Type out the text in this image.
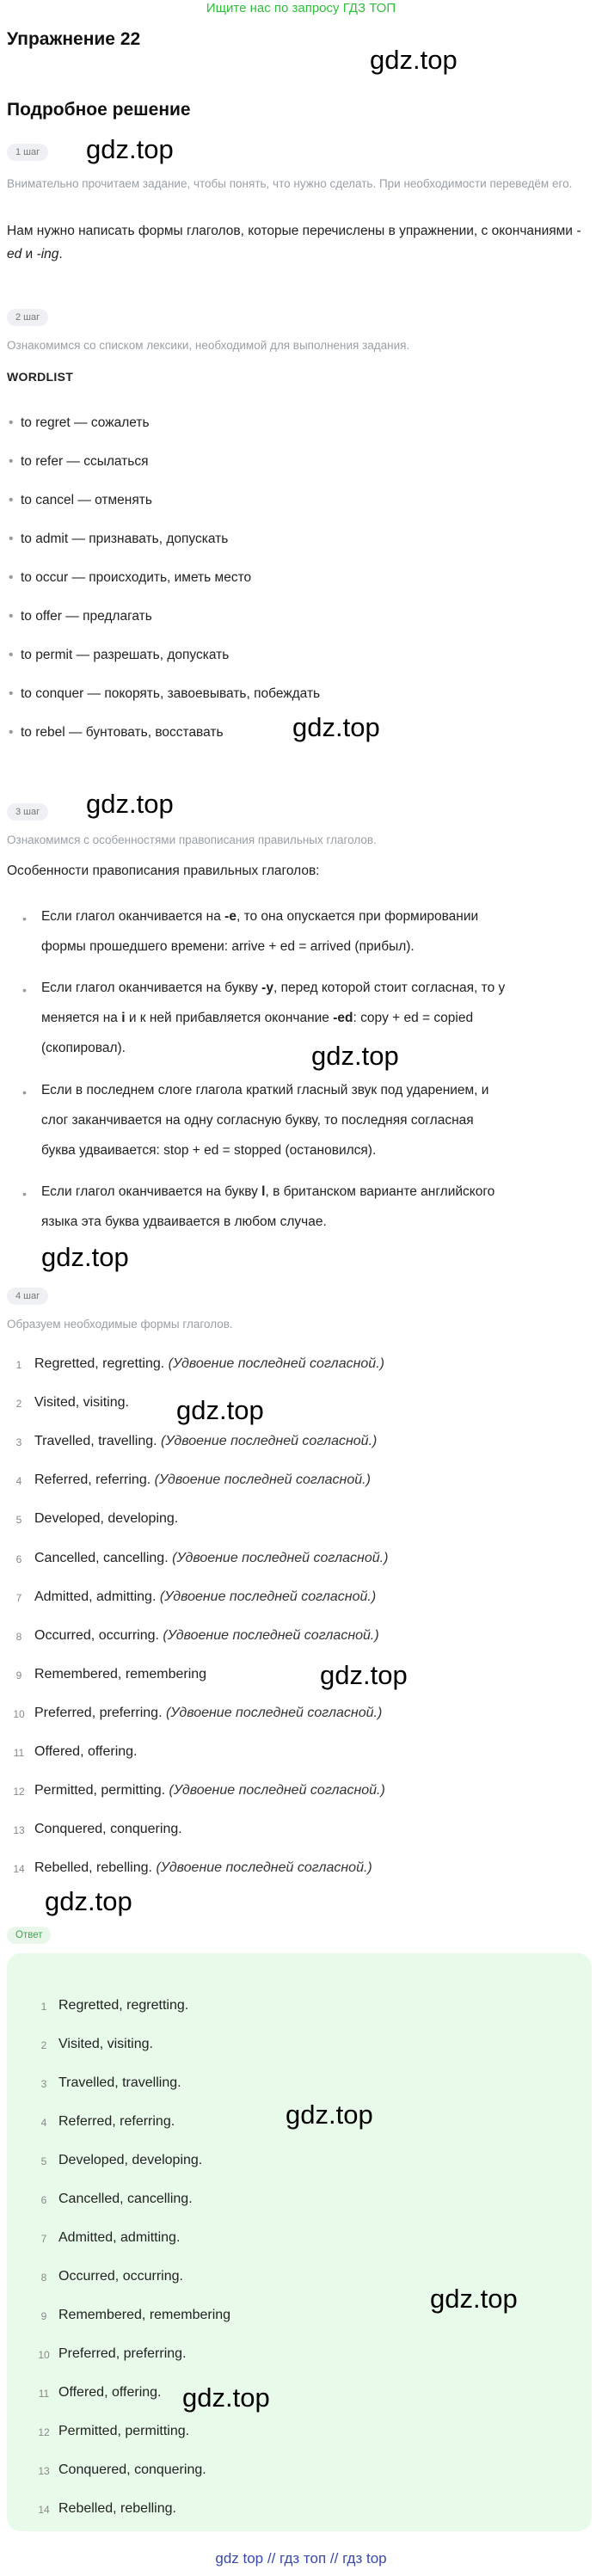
Ищите нас по запросу ГДЗ ТОП
Упражнение 22
gdz.top
Подробное решение
1 шаг	gdz.top
Внимательно прочитаем задание, чтобы понять, что нужно сделать. При необходимости переведём его.
Нам нужно написать формы глаголов, которые перечислены в упражнении, с окончаниями -ed и -ing.
2 шаг
Ознакомимся со списком лексики, необходимой для выполнения задания.
WORDLIST
• to regret — сожалеть
• to refer — ссылаться
• to cancel — отменять
• to admit — признавать, допускать
• to occur — происходить, иметь место
• to offer — предлагать
• to permit — разрешать, допускать
• to conquer — покорять, завоевывать, побеждать
• to rebel — бунтовать, восставать	gdz.top
gdz.top
3 шаг
Ознакомимся с особенностями правописания правильных глаголов.
Особенности правописания правильных глаголов:
•	Если глагол оканчивается на -e, то она опускается при формировании
формы прошедшего времени: arrive + ed = arrived (прибыл).
•	Если глагол оканчивается на букву -y, перед которой стоит согласная, то y
меняется на i и к ней прибавляется окончание -ed: copy + ed = copied
(скопировал).	gdz.top
•	Если в последнем слоге глагола краткий гласный звук под ударением, и
слог заканчивается на одну согласную букву, то последняя согласная
буква удваивается: stop + ed = stopped (остановился).
•	Если глагол оканчивается на букву l, в британском варианте английского
языка эта буква удваивается в любом случае.
gdz.top
4 шаг
Образуем необходимые формы глаголов.
1 Regretted, regretting. (Удвоение последней согласной.)
2 Visited, visiting. gdz.top
3 Travelled, travelling. (Удвоение последней согласной.)
4 Referred, referring. (Удвоение последней согласной.)
5 Developed, developing.
6 Cancelled, cancelling. (Удвоение последней согласной.)
7 Admitted, admitting. (Удвоение последней согласной.)
8 Occurred, occurring. (Удвоение последней согласной.)
9 Remembered, remembering	gdz.top
10 Preferred, preferring. (Удвоение последней согласной.)
11 Offered, offering.
12 Permitted, permitting. (Удвоение последней согласной.)
13 Conquered, conquering.
14 Rebelled, rebelling. (Удвоение последней согласной.)
gdz.top
Ответ
1 Regretted, regretting.
2 Visited, visiting.
3 Travelled, travelling.
4 Referred, referring.	gdz.top
5 Developed, developing.
6 Cancelled, cancelling.
7 Admitted, admitting.
8 Occurred, occurring.
gdz.top
9 Remembered, remembering
10 Preferred, preferring.
11 Offered, offering. gdz.top
12 Permitted, permitting.
13 Conquered, conquering.
14 Rebelled, rebelling.
gdz top // гдз топ // гдз top
